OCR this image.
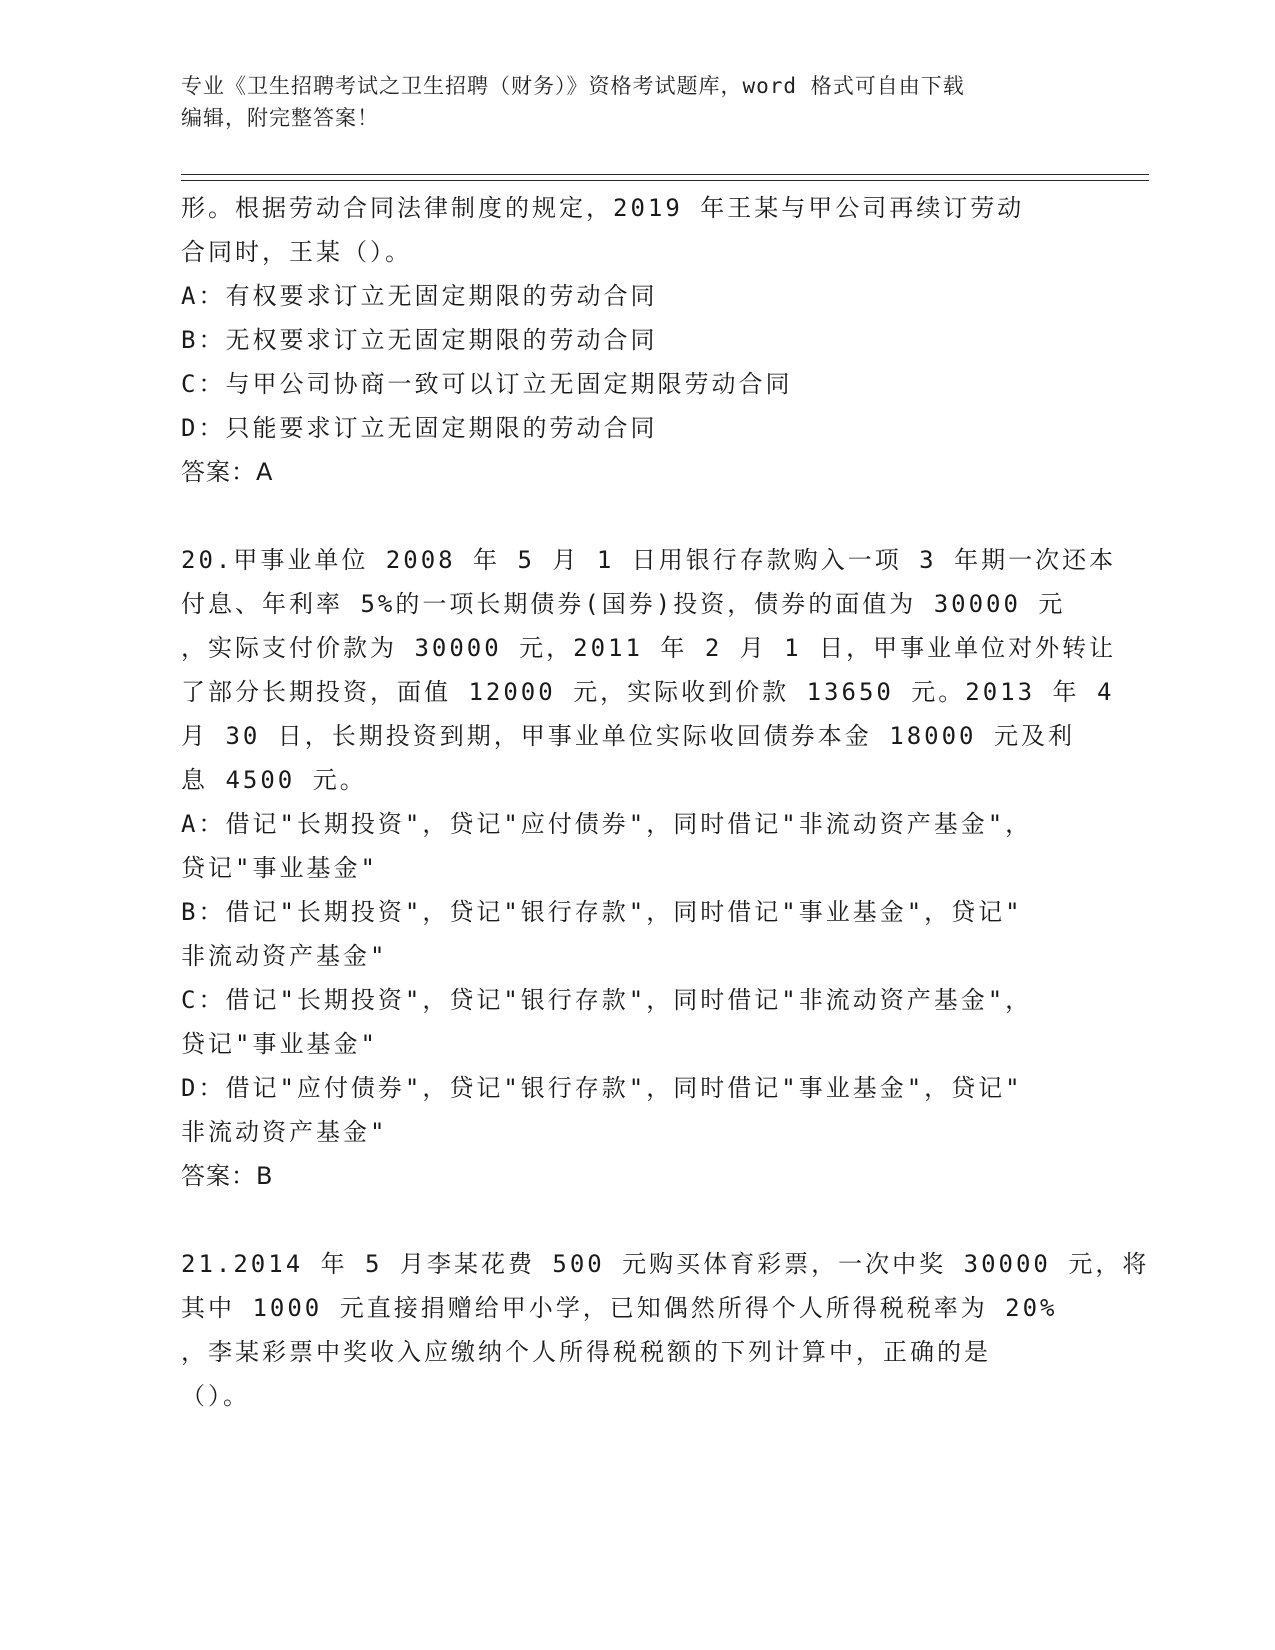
专业《卫生招聘考试之卫生招聘（财务）》资格考试题库，word 格式可自由下载
编辑，附完整答案！
形。根据劳动合同法律制度的规定，2019 年王某与甲公司再续订劳动
合同时，王某（）。
A：有权要求订立无固定期限的劳动合同
B：无权要求订立无固定期限的劳动合同
C：与甲公司协商一致可以订立无固定期限劳动合同
D：只能要求订立无固定期限的劳动合同
答案：A
20.甲事业单位 2008 年 5 月 1 日用银行存款购入一项 3 年期一次还本
付息、年利率 5%的一项长期债券(国券)投资，债券的面值为 30000 元
，实际支付价款为 30000 元，2011 年 2 月 1 日，甲事业单位对外转让
了部分长期投资，面值 12000 元，实际收到价款 13650 元。2013 年 4
月 30 日，长期投资到期，甲事业单位实际收回债券本金 18000 元及利
息 4500 元。
A：借记"长期投资"，贷记"应付债券"，同时借记"非流动资产基金"，
贷记"事业基金"
B：借记"长期投资"，贷记"银行存款"，同时借记"事业基金"，贷记"
非流动资产基金"
C：借记"长期投资"，贷记"银行存款"，同时借记"非流动资产基金"，
贷记"事业基金"
D：借记"应付债券"，贷记"银行存款"，同时借记"事业基金"，贷记"
非流动资产基金"
答案：B
21.2014 年 5 月李某花费 500 元购买体育彩票，一次中奖 30000 元，将
其中 1000 元直接捐赠给甲小学，已知偶然所得个人所得税税率为 20%
，李某彩票中奖收入应缴纳个人所得税税额的下列计算中，正确的是
（）。
